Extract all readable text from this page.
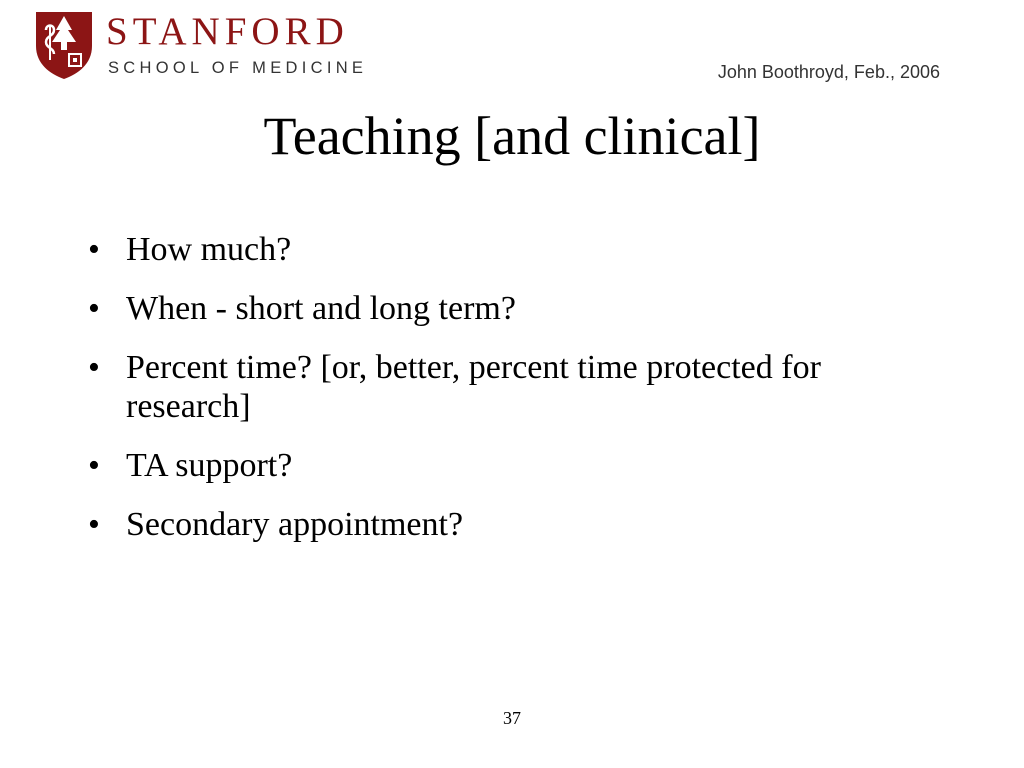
STANFORD
SCHOOL OF MEDICINE	John Boothroyd, Feb., 2006
Teaching [and clinical]
• How much?
• When - short and long term?
• Percent time? [or, better, percent time protected for research]
• TA support?
• Secondary appointment?
37
